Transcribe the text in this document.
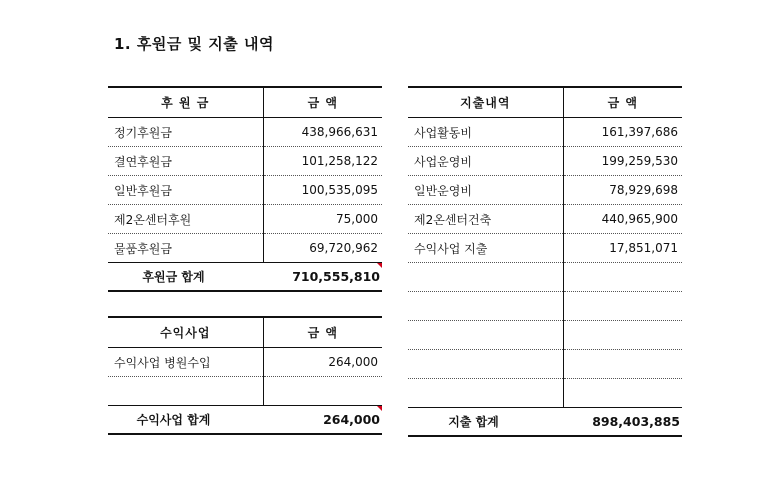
1. 후원금 및 지출 내역
후 원 금	금 액
정기후원금	438,966,631
결연후원금	101,258,122
일반후원금	100,535,095
제2온센터후원	75,000
물품후원금	69,720,962
후원금 합계	710,555,810
수익사업	금 액
수익사업 병원수입	264,000

수익사업 합계	264,000
지출내역	금 액
사업활동비	161,397,686
사업운영비	199,259,530
일반운영비	78,929,698
제2온센터건축	440,965,900
수익사업 지출	17,851,071

지출 합계	898,403,885
